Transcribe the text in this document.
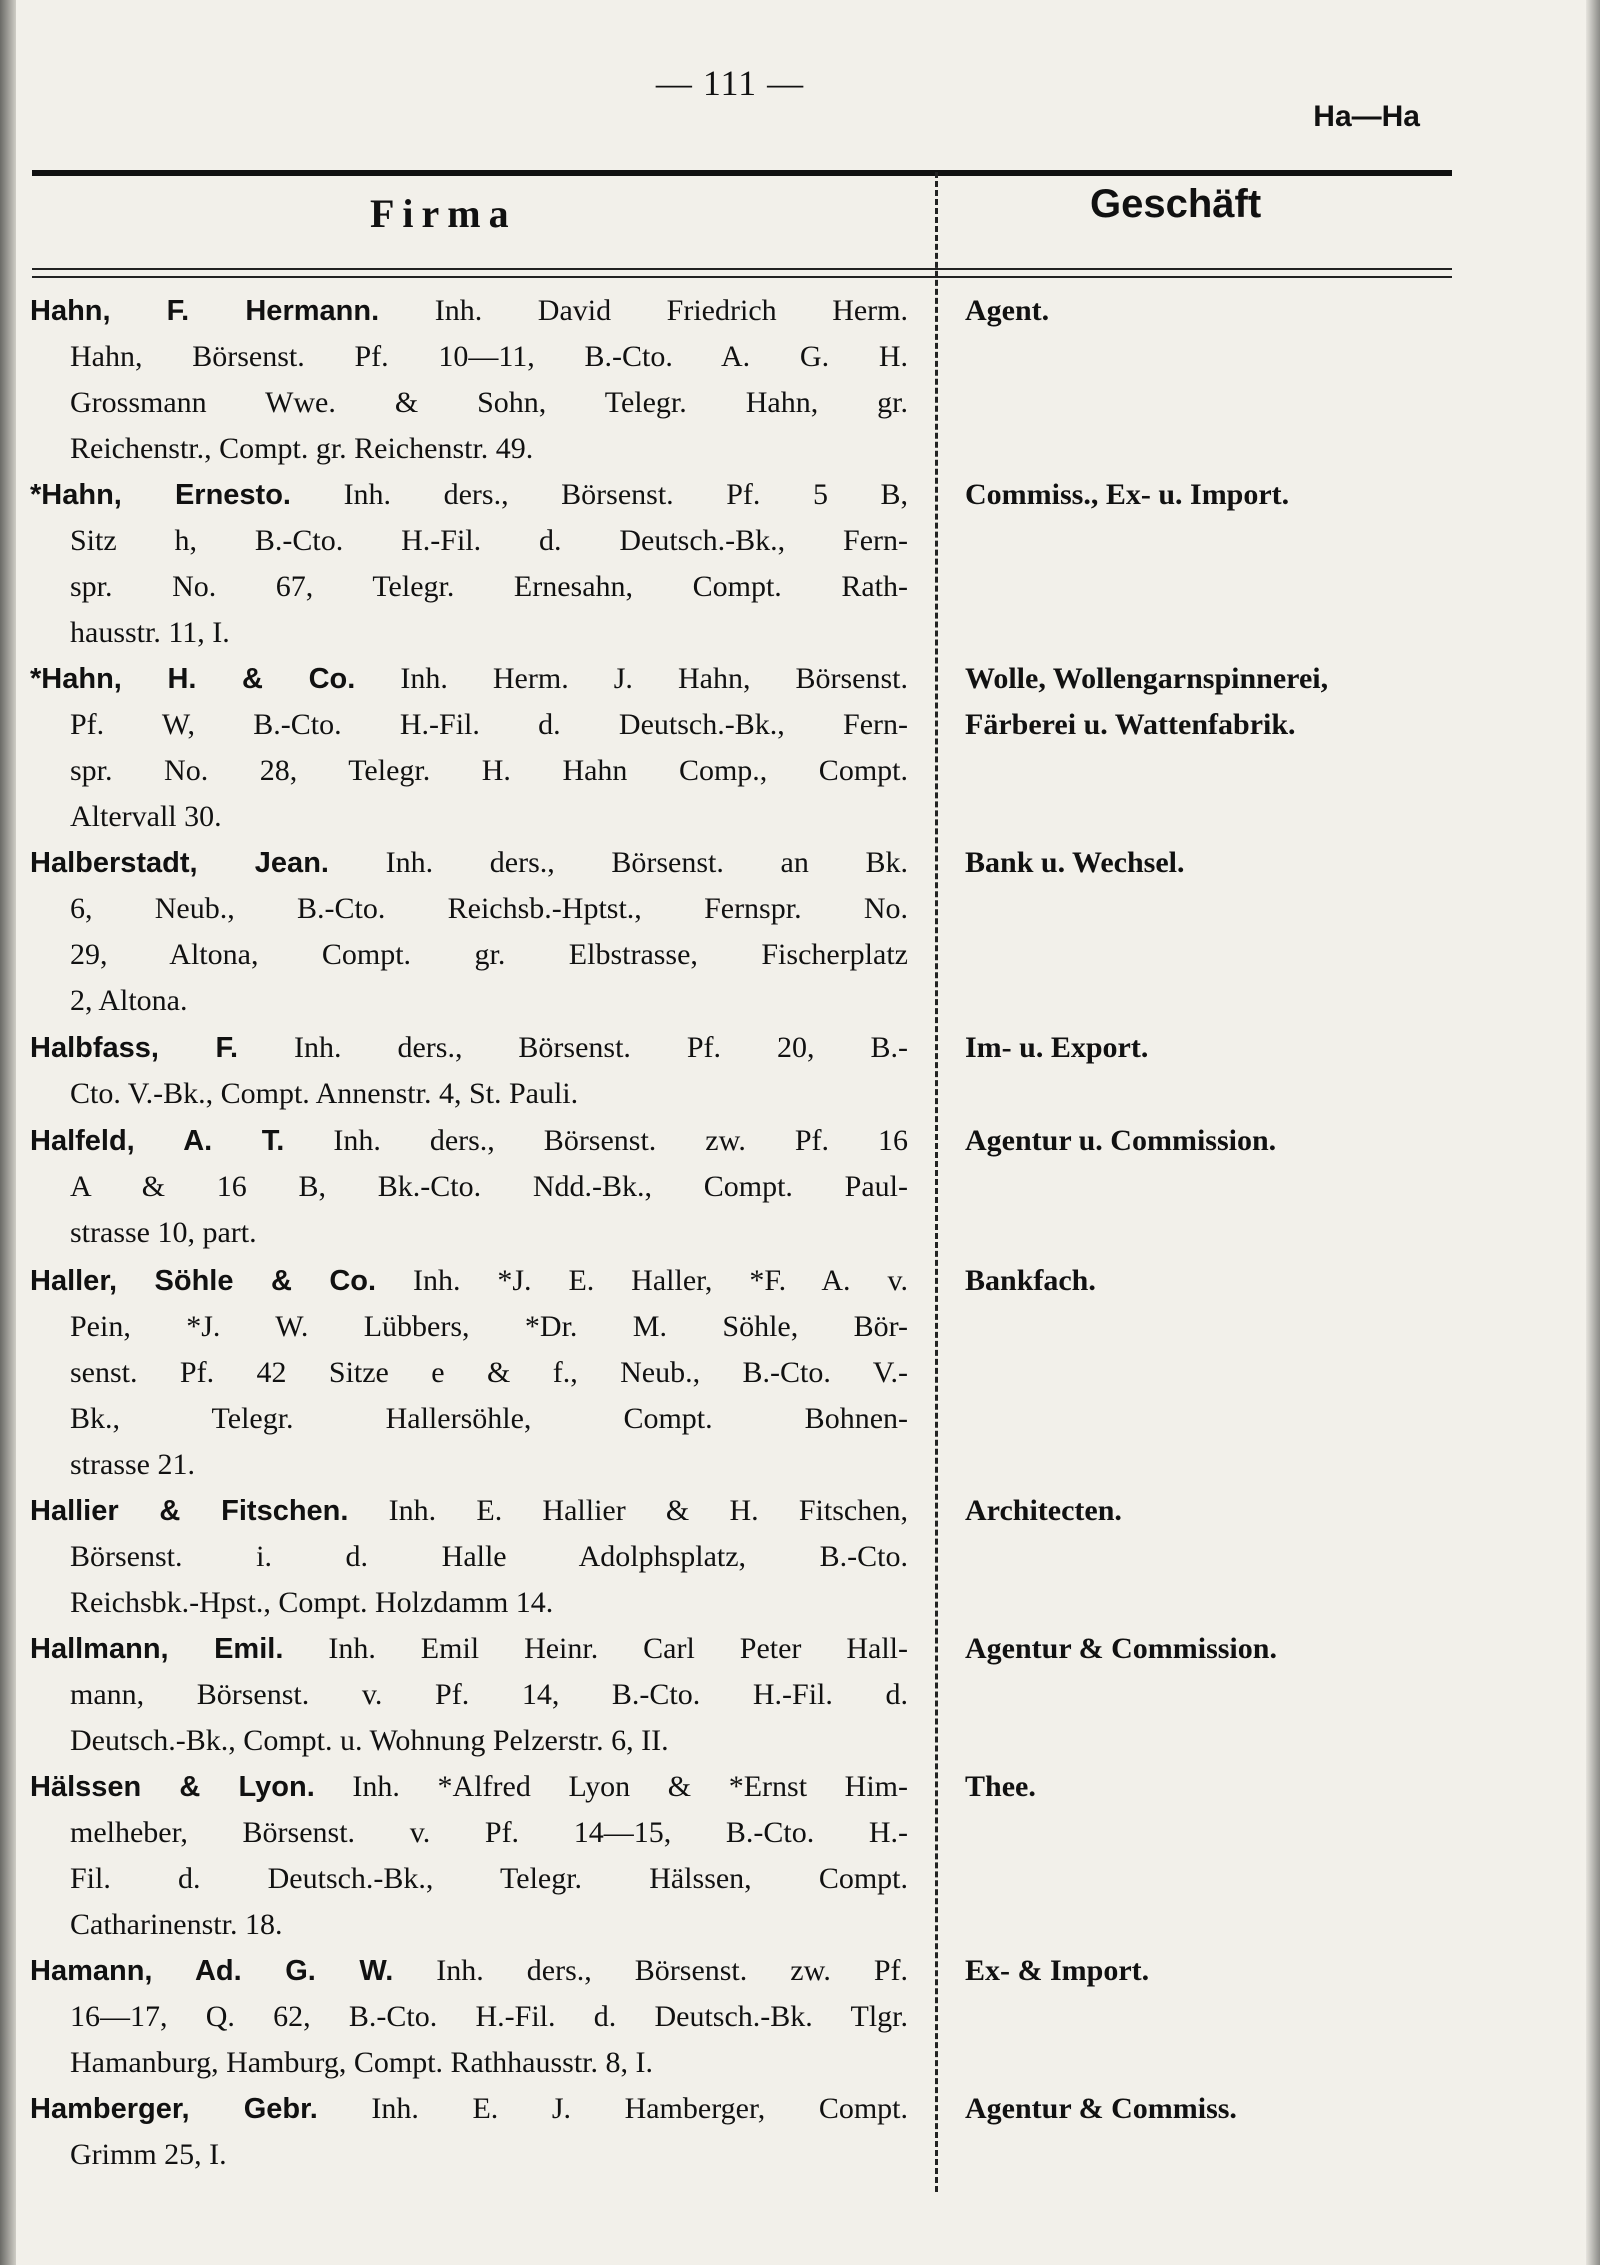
— 111 —
Ha—Ha
Firma	Geschäft
Hahn, F. Hermann. Inh. David Friedrich Herm.
Hahn, Börsenst. Pf. 10—11, B.-Cto. A. G. H.
Grossmann Wwe. & Sohn, Telegr. Hahn, gr.
Reichenstr., Compt. gr. Reichenstr. 49.
Agent.
*Hahn, Ernesto. Inh. ders., Börsenst. Pf. 5 B,
Sitz h, B.-Cto. H.-Fil. d. Deutsch.-Bk., Fern-
spr. No. 67, Telegr. Ernesahn, Compt. Rath-
hausstr. 11, I.
Commiss., Ex- u. Import.
*Hahn, H. & Co. Inh. Herm. J. Hahn, Börsenst.
Pf. W, B.-Cto. H.-Fil. d. Deutsch.-Bk., Fern-
spr. No. 28, Telegr. H. Hahn Comp., Compt.
Altervall 30.
Wolle, Wollengarnspinnerei,
Färberei u. Wattenfabrik.
Halberstadt, Jean. Inh. ders., Börsenst. an Bk.
6, Neub., B.-Cto. Reichsb.-Hptst., Fernspr. No.
29, Altona, Compt. gr. Elbstrasse, Fischerplatz
2, Altona.
Bank u. Wechsel.
Halbfass, F. Inh. ders., Börsenst. Pf. 20, B.-
Cto. V.-Bk., Compt. Annenstr. 4, St. Pauli.
Im- u. Export.
Halfeld, A. T. Inh. ders., Börsenst. zw. Pf. 16
A & 16 B, Bk.-Cto. Ndd.-Bk., Compt. Paul-
strasse 10, part.
Agentur u. Commission.
Haller, Söhle & Co. Inh. *J. E. Haller, *F. A. v.
Pein, *J. W. Lübbers, *Dr. M. Söhle, Bör-
senst. Pf. 42 Sitze e & f., Neub., B.-Cto. V.-
Bk., Telegr. Hallersöhle, Compt. Bohnen-
strasse 21.
Bankfach.
Hallier & Fitschen. Inh. E. Hallier & H. Fitschen,
Börsenst. i. d. Halle Adolphsplatz, B.-Cto.
Reichsbk.-Hpst., Compt. Holzdamm 14.
Architecten.
Hallmann, Emil. Inh. Emil Heinr. Carl Peter Hall-
mann, Börsenst. v. Pf. 14, B.-Cto. H.-Fil. d.
Deutsch.-Bk., Compt. u. Wohnung Pelzerstr. 6, II.
Agentur & Commission.
Hälssen & Lyon. Inh. *Alfred Lyon & *Ernst Him-
melheber, Börsenst. v. Pf. 14—15, B.-Cto. H.-
Fil. d. Deutsch.-Bk., Telegr. Hälssen, Compt.
Catharinenstr. 18.
Thee.
Hamann, Ad. G. W. Inh. ders., Börsenst. zw. Pf.
16—17, Q. 62, B.-Cto. H.-Fil. d. Deutsch.-Bk. Tlgr.
Hamanburg, Hamburg, Compt. Rathhausstr. 8, I.
Ex- & Import.
Hamberger, Gebr. Inh. E. J. Hamberger, Compt.
Grimm 25, I.
Agentur & Commiss.
